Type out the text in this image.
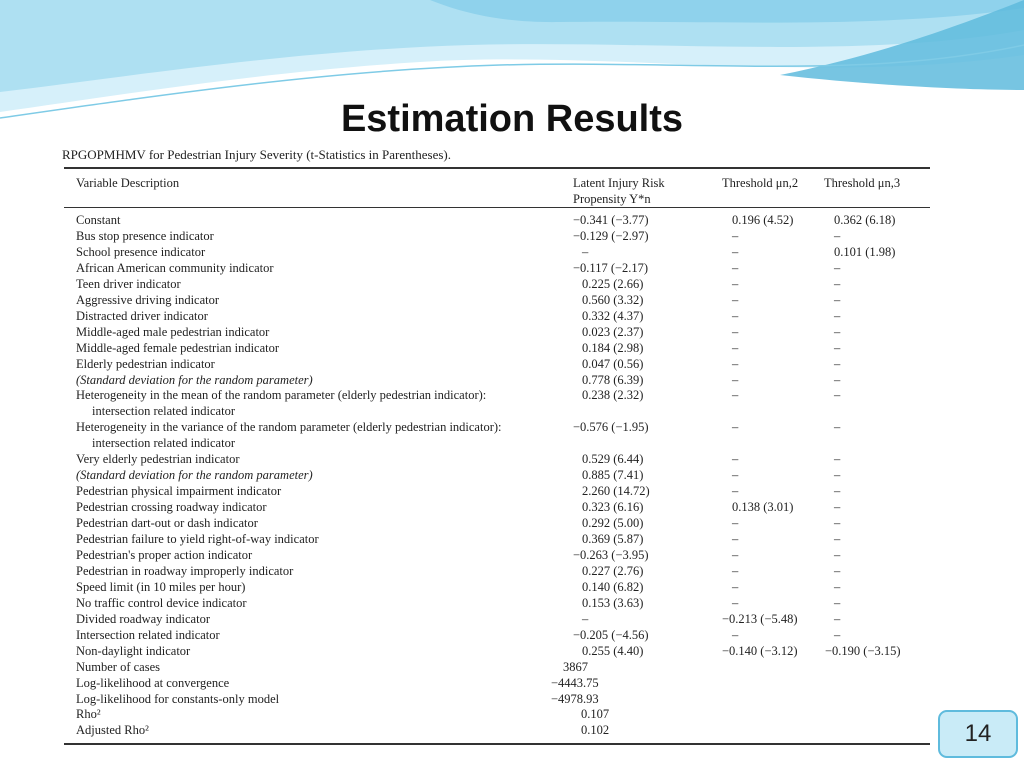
Estimation Results
RPGOPMHMV for Pedestrian Injury Severity (t-Statistics in Parentheses).
Variable Description	Latent Injury Risk
Propensity Y*n
Threshold μn,2 Threshold μn,3
Constant	−0.341 (−3.77)	0.196 (4.52)	0.362 (6.18)
Bus stop presence indicator	−0.129 (−2.97)	–	–
School presence indicator	–	–	0.101 (1.98)
African American community indicator	−0.117 (−2.17)	–	–
Teen driver indicator	0.225 (2.66)	–	–
Aggressive driving indicator	0.560 (3.32)	–	–
Distracted driver indicator	0.332 (4.37)	–	–
Middle-aged male pedestrian indicator	0.023 (2.37)	–	–
Middle-aged female pedestrian indicator	0.184 (2.98)	–	–
Elderly pedestrian indicator	0.047 (0.56)	–	–
(Standard deviation for the random parameter)	0.778 (6.39)	–	–
Heterogeneity in the mean of the random parameter (elderly pedestrian indicator):	0.238 (2.32)	–	–
intersection related indicator
Heterogeneity in the variance of the random parameter (elderly pedestrian indicator):	−0.576 (−1.95)	–	–
intersection related indicator
Very elderly pedestrian indicator	0.529 (6.44)	–	–
(Standard deviation for the random parameter)	0.885 (7.41)	–	–
Pedestrian physical impairment indicator	2.260 (14.72)	–	–
Pedestrian crossing roadway indicator	0.323 (6.16)	0.138 (3.01)	–
Pedestrian dart-out or dash indicator	0.292 (5.00)	–	–
Pedestrian failure to yield right-of-way indicator	0.369 (5.87)	–	–
Pedestrian's proper action indicator	−0.263 (−3.95)	–	–
Pedestrian in roadway improperly indicator	0.227 (2.76)	–	–
Speed limit (in 10 miles per hour)	0.140 (6.82)	–	–
No traffic control device indicator	0.153 (3.63)	–	–
Divided roadway indicator	–	−0.213 (−5.48)	–
Intersection related indicator	−0.205 (−4.56)	–	–
Non-daylight indicator	0.255 (4.40)	−0.140 (−3.12) −0.190 (−3.15)
Number of cases	3867
Log-likelihood at convergence	−4443.75
Log-likelihood for constants-only model	−4978.93
Rho²	0.107
Adjusted Rho²	0.102	14
